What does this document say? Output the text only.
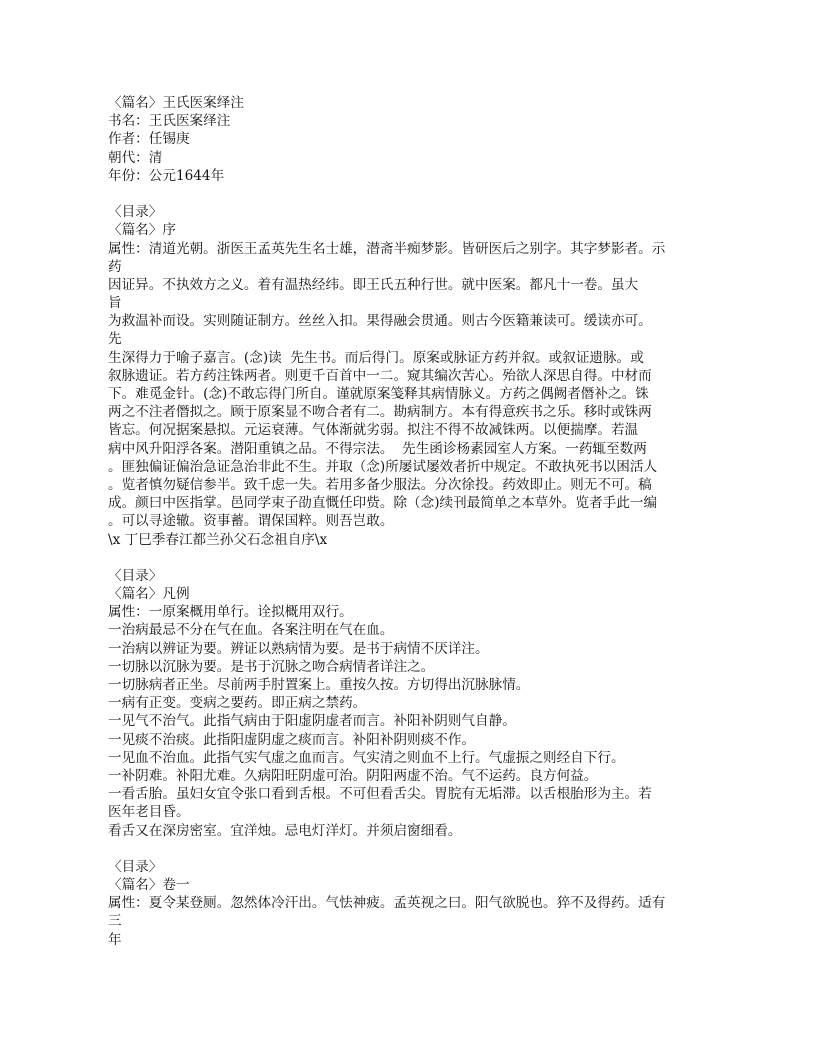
〈篇名〉王氏医案绎注
书名：王氏医案绎注
作者：任锡庚
朝代：清
年份：公元1644年
〈目录〉
〈篇名〉序
属性：清道光朝。浙医王孟英先生名士雄，潜斋半痴梦影。皆研医后之别字。其字梦影者。示
药
因证异。不执效方之义。着有温热经纬。即王氏五种行世。就中医案。都凡十一卷。虽大
旨
为救温补而设。实则随证制方。丝丝入扣。果得融会贯通。则古今医籍兼读可。缓读亦可。
先
生深得力于喻子嘉言。(念)读  先生书。而后得门。原案或脉证方药并叙。或叙证遗脉。或
叙脉遗证。若方药注铢两者。则更千百首中一二。窥其编次苦心。殆欲人深思自得。中材而
下。难觅金针。(念)不敢忘得门所自。谨就原案笺释其病情脉义。方药之偶阙者僭补之。铢
两之不注者僭拟之。顾于原案显不吻合者有二。勘病制方。本有得意疾书之乐。移时或铢两
皆忘。何况据案悬拟。元运衰薄。气体渐就劣弱。拟注不得不故减铢两。以便揣摩。若温
病中风升阳浮各案。潜阳重镇之品。不得宗法。  先生函诊杨素园室人方案。一药辄至数两
。匪独偏证偏治急证急治非此不生。并取（念)所屡试屡效者折中规定。不敢执死书以困活人
。览者慎勿疑信参半。致千虑一失。若用多备少服法。分次徐投。药效即止。则无不可。稿
成。颜曰中医指掌。邑同学束子劭直慨任印赀。除（念)续刊最简单之本草外。览者手此一编
。可以寻途辙。资事蓄。谓保国粹。则吾岂敢。
\x 丁巳季春江都兰孙父石念祖自序\x
〈目录〉
〈篇名〉凡例
属性：一原案概用单行。诠拟概用双行。
一治病最忌不分在气在血。各案注明在气在血。
一治病以辨证为要。辨证以熟病情为要。是书于病情不厌详注。
一切脉以沉脉为要。是书于沉脉之吻合病情者详注之。
一切脉病者正坐。尽前两手肘置案上。重按久按。方切得出沉脉脉情。
一病有正变。变病之要药。即正病之禁药。
一见气不治气。此指气病由于阳虚阴虚者而言。补阳补阴则气自静。
一见痰不治痰。此指阳虚阴虚之痰而言。补阳补阴则痰不作。
一见血不治血。此指气实气虚之血而言。气实清之则血不上行。气虚振之则经自下行。
一补阴难。补阳尤难。久病阳旺阴虚可治。阴阳两虚不治。气不运药。良方何益。
一看舌胎。虽妇女宜令张口看到舌根。不可但看舌尖。胃脘有无垢滞。以舌根胎形为主。若
医年老目昏。
看舌又在深房密室。宜洋烛。忌电灯洋灯。并须启窗细看。
〈目录〉
〈篇名〉卷一
属性：夏令某登厕。忽然体冷汗出。气怯神疲。孟英视之曰。阳气欲脱也。猝不及得药。适有
三
年
